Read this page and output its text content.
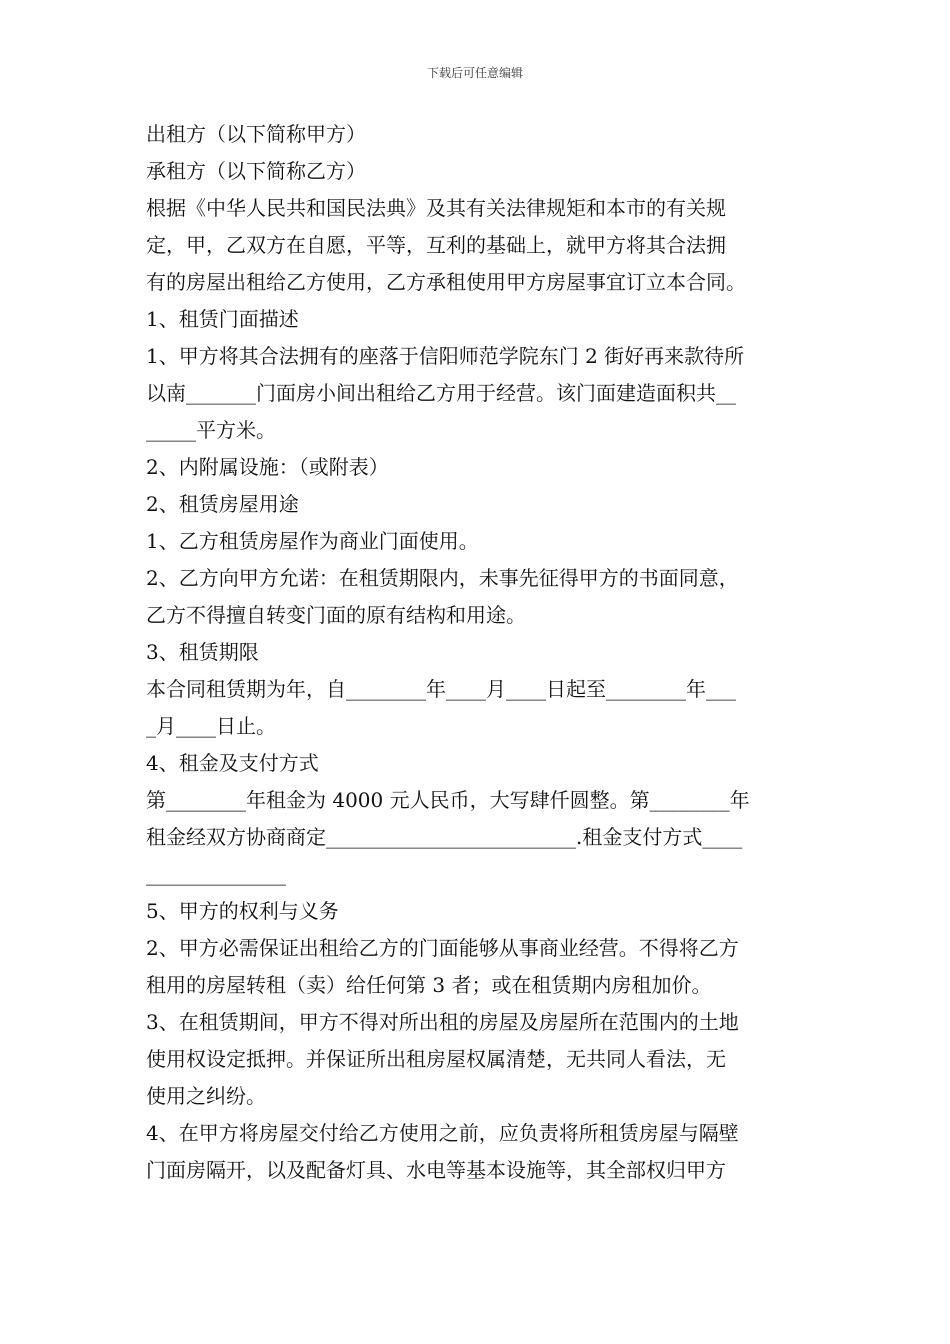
下载后可任意编辑
出租方（以下简称甲方）
承租方（以下简称乙方）
根据《中华人民共和国民法典》及其有关法律规矩和本市的有关规
定，甲，乙双方在自愿，平等，互利的基础上，就甲方将其合法拥
有的房屋出租给乙方使用，乙方承租使用甲方房屋事宜订立本合同。
1、租赁门面描述
1、甲方将其合法拥有的座落于信阳师范学院东门 2 街好再来款待所
以南_______门面房小间出租给乙方用于经营。该门面建造面积共__
_____平方米。
2、内附属设施：（或附表）
2、租赁房屋用途
1、乙方租赁房屋作为商业门面使用。
2、乙方向甲方允诺：在租赁期限内，未事先征得甲方的书面同意，
乙方不得擅自转变门面的原有结构和用途。
3、租赁期限
本合同租赁期为年，自________年____月____日起至________年___
_月____日止。
4、租金及支付方式
第________年租金为 4000 元人民币，大写肆仟圆整。第________年
租金经双方协商商定_________________________.租金支付方式____
______________
5、甲方的权利与义务
2、甲方必需保证出租给乙方的门面能够从事商业经营。不得将乙方
租用的房屋转租（卖）给任何第 3 者；或在租赁期内房租加价。
3、在租赁期间，甲方不得对所出租的房屋及房屋所在范围内的土地
使用权设定抵押。并保证所出租房屋权属清楚，无共同人看法，无
使用之纠纷。
4、在甲方将房屋交付给乙方使用之前，应负责将所租赁房屋与隔壁
门面房隔开，以及配备灯具、水电等基本设施等，其全部权归甲方
